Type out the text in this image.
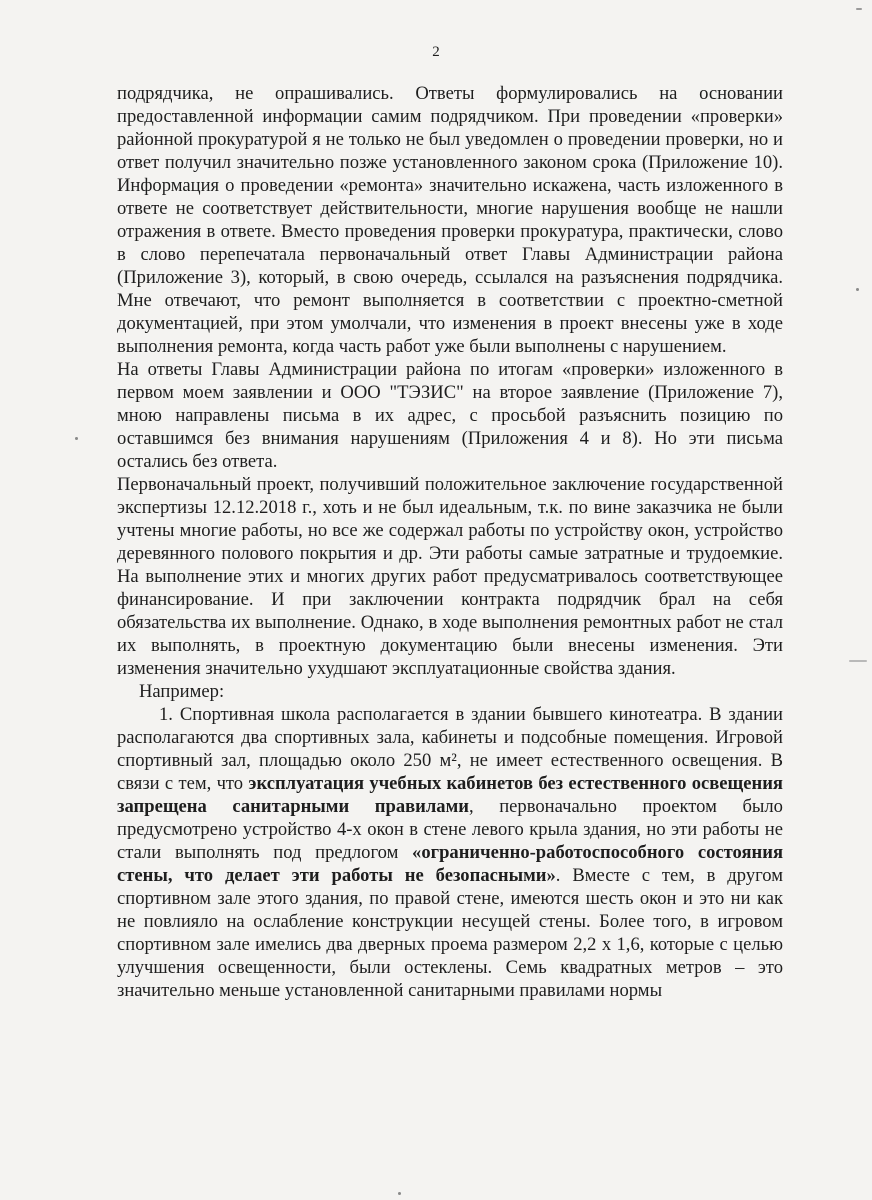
2

подрядчика, не опрашивались. Ответы формулировались на основании предоставленной информации самим подрядчиком. При проведении «проверки» районной прокуратурой я не только не был уведомлен о проведении проверки, но и ответ получил значительно позже установленного законом срока (Приложение 10). Информация о проведении «ремонта» значительно искажена, часть изложенного в ответе не соответствует действительности, многие нарушения вообще не нашли отражения в ответе. Вместо проведения проверки прокуратура, практически, слово в слово перепечатала первоначальный ответ Главы Администрации района (Приложение 3), который, в свою очередь, ссылался на разъяснения подрядчика. Мне отвечают, что ремонт выполняется в соответствии с проектно-сметной документацией, при этом умолчали, что изменения в проект внесены уже в ходе выполнения ремонта, когда часть работ уже были выполнены с нарушением.

На ответы Главы Администрации района по итогам «проверки» изложенного в первом моем заявлении и ООО "ТЭЗИС" на второе заявление (Приложение 7), мною направлены письма в их адрес, с просьбой разъяснить позицию по оставшимся без внимания нарушениям (Приложения 4 и 8). Но эти письма остались без ответа.

Первоначальный проект, получивший положительное заключение государственной экспертизы 12.12.2018 г., хоть и не был идеальным, т.к. по вине заказчика не были учтены многие работы, но все же содержал работы по устройству окон, устройство деревянного полового покрытия и др. Эти работы самые затратные и трудоемкие. На выполнение этих и многих других работ предусматривалось соответствующее финансирование. И при заключении контракта подрядчик брал на себя обязательства их выполнение. Однако, в ходе выполнения ремонтных работ не стал их выполнять, в проектную документацию были внесены изменения. Эти изменения значительно ухудшают эксплуатационные свойства здания.

Например:

1. Спортивная школа располагается в здании бывшего кинотеатра. В здании располагаются два спортивных зала, кабинеты и подсобные помещения. Игровой спортивный зал, площадью около 250 м², не имеет естественного освещения. В связи с тем, что эксплуатация учебных кабинетов без естественного освещения запрещена санитарными правилами, первоначально проектом было предусмотрено устройство 4-х окон в стене левого крыла здания, но эти работы не стали выполнять под предлогом «ограниченно-работоспособного состояния стены, что делает эти работы не безопасными». Вместе с тем, в другом спортивном зале этого здания, по правой стене, имеются шесть окон и это ни как не повлияло на ослабление конструкции несущей стены. Более того, в игровом спортивном зале имелись два дверных проема размером 2,2 х 1,6, которые с целью улучшения освещенности, были остеклены. Семь квадратных метров – это значительно меньше установленной санитарными правилами нормы
